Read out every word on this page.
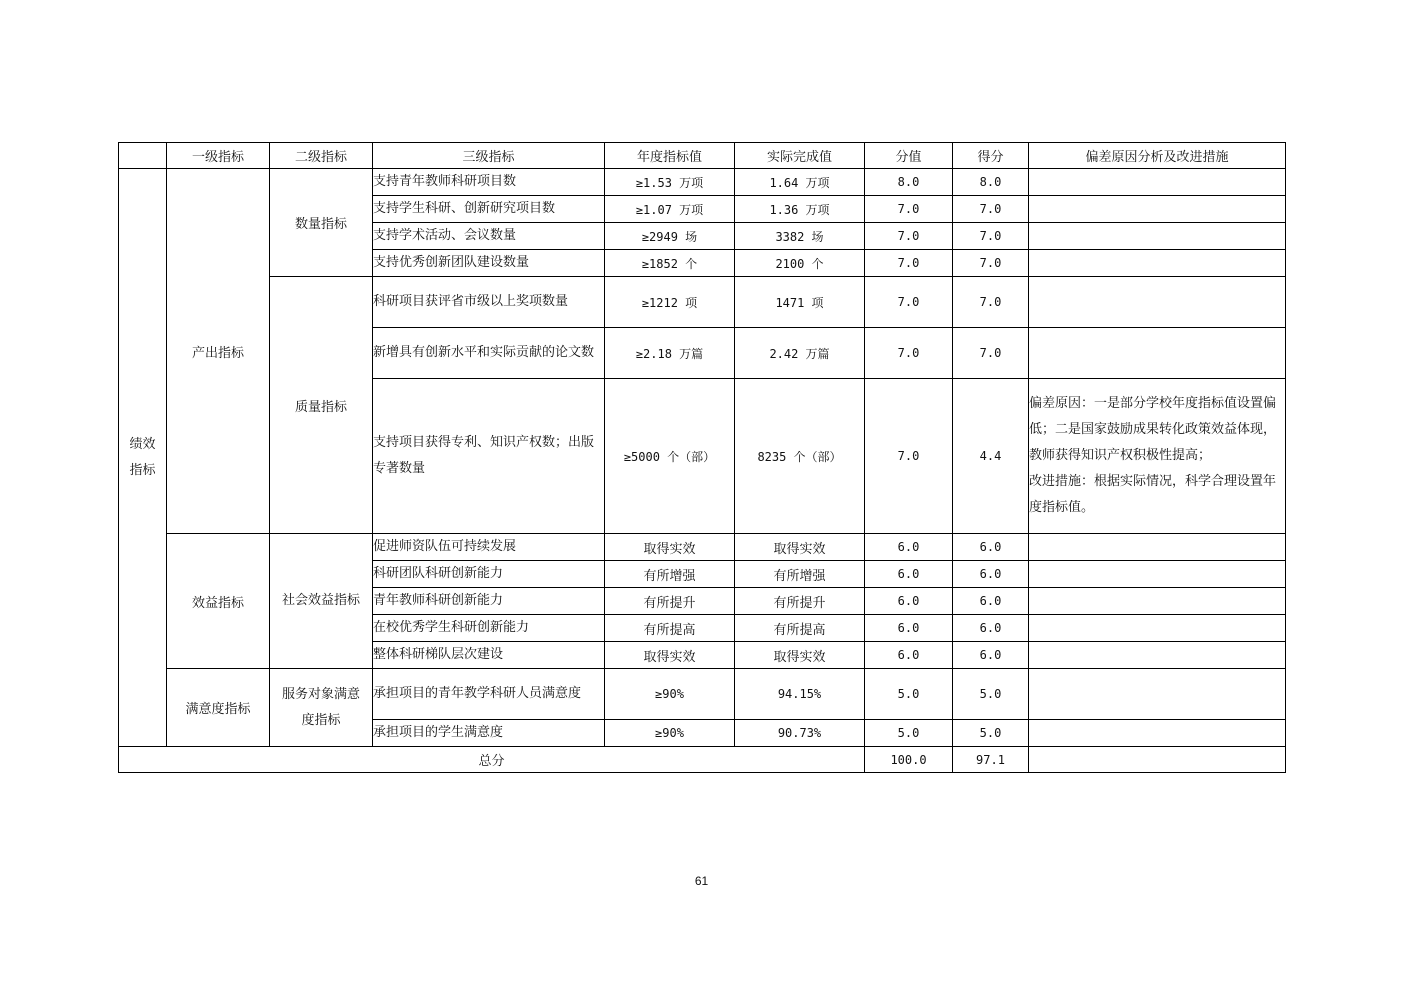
	一级指标	二级指标	三级指标	年度指标值	实际完成值	分值	得分	偏差原因分析及改进措施
绩效指标	产出指标	数量指标	支持青年教师科研项目数	≥1.53 万项	1.64 万项	8.0	8.0	
			支持学生科研、创新研究项目数	≥1.07 万项	1.36 万项	7.0	7.0	
			支持学术活动、会议数量	≥2949 场	3382 场	7.0	7.0	
			支持优秀创新团队建设数量	≥1852 个	2100 个	7.0	7.0	
		质量指标	科研项目获评省市级以上奖项数量	≥1212 项	1471 项	7.0	7.0	
			新增具有创新水平和实际贡献的论文数	≥2.18 万篇	2.42 万篇	7.0	7.0	
			支持项目获得专利、知识产权数；出版专著数量	≥5000 个（部）	8235 个（部）	7.0	4.4	偏差原因：一是部分学校年度指标值设置偏低；二是国家鼓励成果转化政策效益体现，教师获得知识产权积极性提高；
改进措施：根据实际情况，科学合理设置年度指标值。

	效益指标	社会效益指标	促进师资队伍可持续发展	取得实效	取得实效	6.0	6.0	
			科研团队科研创新能力	有所增强	有所增强	6.0	6.0	
			青年教师科研创新能力	有所提升	有所提升	6.0	6.0	
			在校优秀学生科研创新能力	有所提高	有所提高	6.0	6.0	
			整体科研梯队层次建设	取得实效	取得实效	6.0	6.0	
	满意度指标	服务对象满意度指标	承担项目的青年教学科研人员满意度	≥90%	94.15%	5.0	5.0	
			承担项目的学生满意度	≥90%	90.73%	5.0	5.0	
总分						100.0	97.1	
61
